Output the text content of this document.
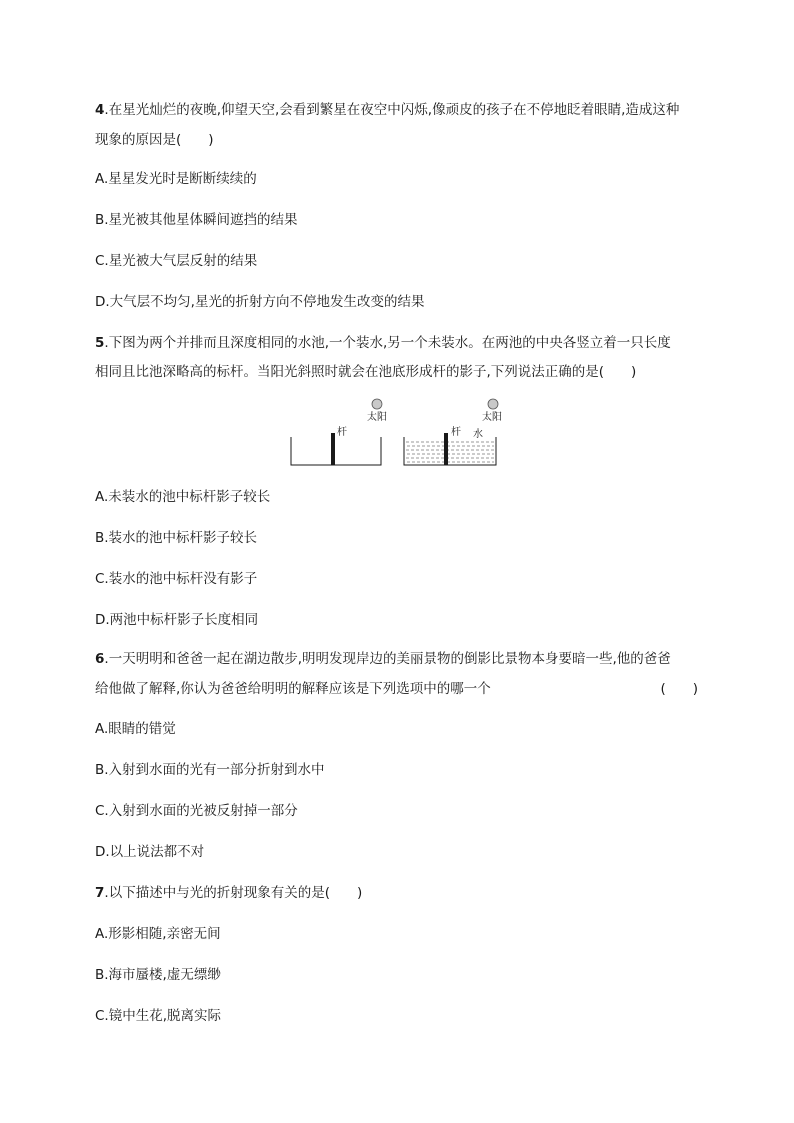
4.在星光灿烂的夜晚,仰望天空,会看到繁星在夜空中闪烁,像顽皮的孩子在不停地眨着眼睛,造成这种
现象的原因是(　　)
A.星星发光时是断断续续的
B.星光被其他星体瞬间遮挡的结果
C.星光被大气层反射的结果
D.大气层不均匀,星光的折射方向不停地发生改变的结果
5.下图为两个并排而且深度相同的水池,一个装水,另一个未装水。在两池的中央各竖立着一只长度
相同且比池深略高的标杆。当阳光斜照时就会在池底形成杆的影子,下列说法正确的是(　　)
杆
太阳
杆 水
太阳
A.未装水的池中标杆影子较长
B.装水的池中标杆影子较长
C.装水的池中标杆没有影子
D.两池中标杆影子长度相同
6.一天明明和爸爸一起在湖边散步,明明发现岸边的美丽景物的倒影比景物本身要暗一些,他的爸爸
给他做了解释,你认为爸爸给明明的解释应该是下列选项中的哪一个	(　　)
A.眼睛的错觉
B.入射到水面的光有一部分折射到水中
C.入射到水面的光被反射掉一部分
D.以上说法都不对
7.以下描述中与光的折射现象有关的是(　　)
A.形影相随,亲密无间
B.海市蜃楼,虚无缥缈
C.镜中生花,脱离实际
